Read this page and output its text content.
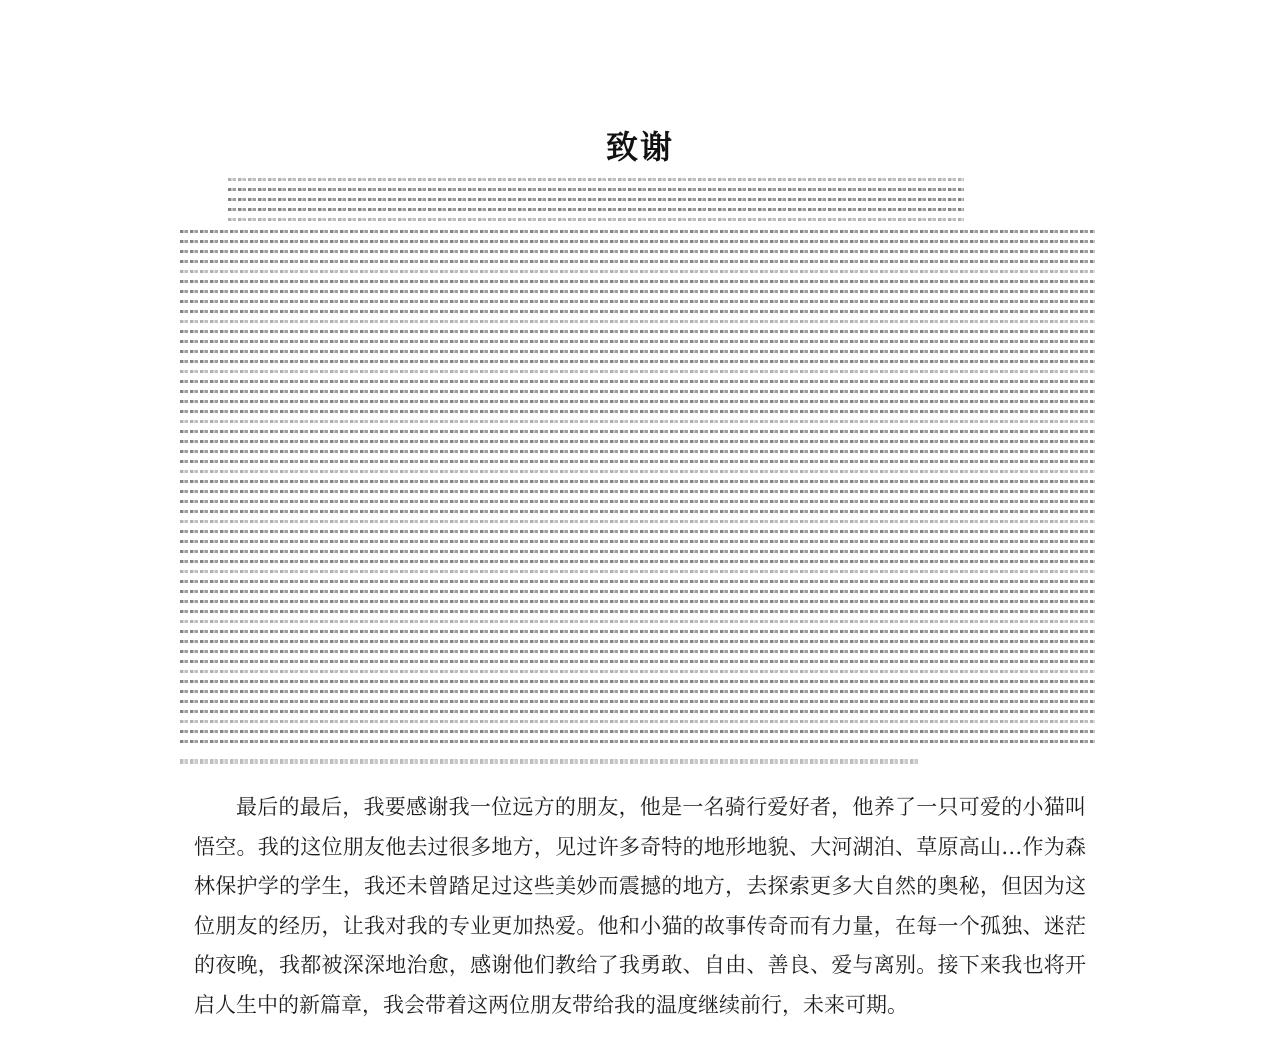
致谢
最后的最后，我要感谢我一位远方的朋友，他是一名骑行爱好者，他养了一只可爱的小猫叫悟空。我的这位朋友他去过很多地方，见过许多奇特的地形地貌、大河湖泊、草原高山…作为森林保护学的学生，我还未曾踏足过这些美妙而震撼的地方，去探索更多大自然的奥秘，但因为这位朋友的经历，让我对我的专业更加热爱。他和小猫的故事传奇而有力量，在每一个孤独、迷茫的夜晚，我都被深深地治愈，感谢他们教给了我勇敢、自由、善良、爱与离别。接下来我也将开启人生中的新篇章，我会带着这两位朋友带给我的温度继续前行，未来可期。
